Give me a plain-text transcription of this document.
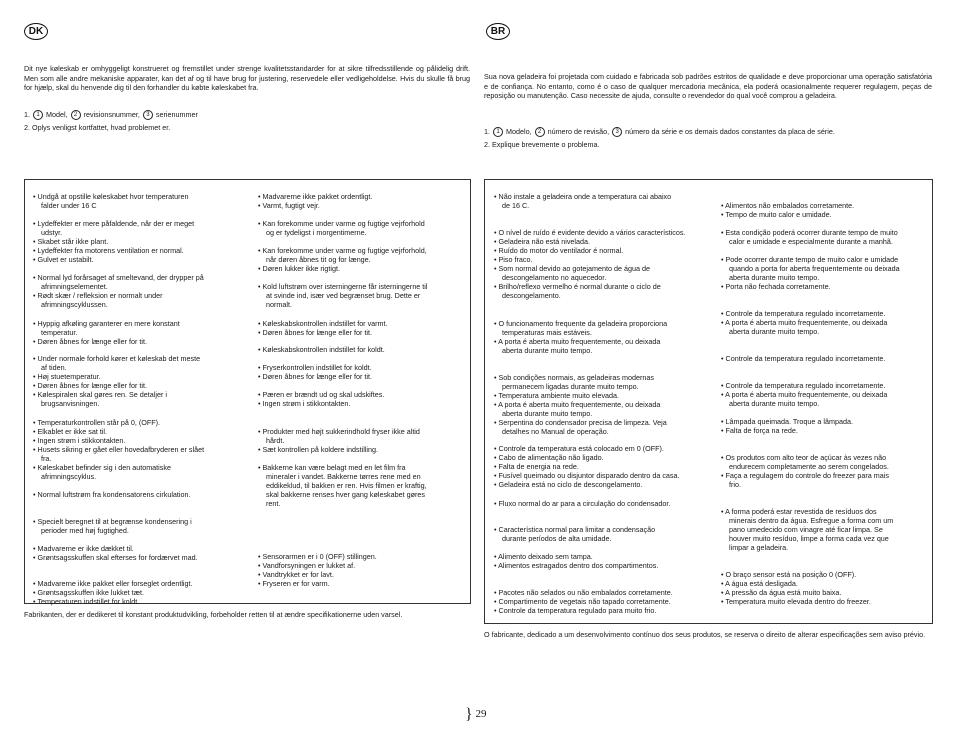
DK

Dit nye køleskab er omhyggeligt konstrueret og fremstillet under strenge kvalitetsstandarder for at sikre tilfredsstillende og pålidelig drift. Men som alle andre mekaniske apparater, kan det af og til have brug for justering, reservedele eller vedligeholdelse. Hvis du skulle få brug for hjælp, skal du henvende dig til den forhandler du købte køleskabet fra.

1. 1 Model, 2 revisionsnummer, 3 serienummer
2. Oplys venligst kortfattet, hvad problemet er.
• Undgå at opstille køleskabet hvor temperaturen
falder under 16 C
• Lydeffekter er mere påfaldende, når der er meget
udstyr.
• Skabet står ikke plant.
• Lydeffekter fra motorens ventilation er normal.
• Gulvet er ustabilt.
• Normal lyd forårsaget af smeltevand, der drypper på
afrimningselementet.
• Rødt skær / refleksion er normalt under
afrimningscyklussen.
• Hyppig afkøling garanterer en mere konstant
temperatur.
• Døren åbnes for længe eller for tit.
• Under normale forhold kører et køleskab det meste
af tiden.
• Høj stuetemperatur.
• Døren åbnes for længe eller for tit.
• Kølespiralen skal gøres ren. Se detaljer i
brugsanvisningen.
• Temperaturkontrollen står på 0, (OFF).
• Elkablet er ikke sat til.
• Ingen strøm i stikkontakten.
• Husets sikring er gået eller hovedafbryderen er slået
fra.
• Køleskabet befinder sig i den automatiske
afrimningscyklus.
• Normal luftstrøm fra kondensatorens cirkulation.
• Specielt beregnet til at begrænse kondensering i
perioder med høj fugtighed.
• Madvarerne er ikke dækket til.
• Grøntsagsskuffen skal efterses for fordærvet mad.
• Madvarerne ikke pakket eller forseglet ordentligt.
• Grøntsagsskuffen ikke lukket tæt.
• Temperaturen indstillet for koldt.
• Madvarerne ikke pakket ordentligt.
• Varmt, fugtigt vejr.
• Kan forekomme under varme og fugtige vejrforhold
og er tydeligst i morgentimerne.
• Kan forekomme under varme og fugtige vejrforhold,
når døren åbnes tit og for længe.
• Døren lukker ikke rigtigt.
• Kold luftstrøm over isterningerne får isterningerne til
at svinde ind, især ved begrænset brug. Dette er
normalt.
• Køleskabskontrollen indstillet for varmt.
• Døren åbnes for længe eller for tit.
• Køleskabskontrollen indstillet for koldt.
• Fryserkontrollen indstillet for koldt.
• Døren åbnes for længe eller for tit.
• Pæren er brændt ud og skal udskiftes.
• Ingen strøm i stikkontakten.
• Produkter med højt sukkerindhold fryser ikke altid
hårdt.
• Sæt kontrollen på koldere indstilling.
• Bakkerne kan være belagt med en let film fra
mineraler i vandet. Bakkerne tørres rene med en
eddikeklud, til bakken er ren. Hvis filmen er kraftig,
skal bakkerne renses hver gang køleskabet gøres
rent.
• Sensorarmen er i 0 (OFF) stillingen.
• Vandforsyningen er lukket af.
• Vandtrykket er for lavt.
• Fryseren er for varm.

Fabrikanten, der er dedikeret til konstant produktudvikling, forbeholder retten til at ændre specifikationerne uden varsel.

BR

Sua nova geladeira foi projetada com cuidado e fabricada sob padrões estritos de qualidade e deve proporcionar uma operação satisfatória e de confiança. No entanto, como é o caso de qualquer mercadoria mecânica, ela poderá ocasionalmente requerer regulagem, peças de reposição ou manutenção. Caso necessite de ajuda, consulte o revendedor do qual você comprou a geladeira.

1. 1 Modelo, 2 número de revisão, 3 número da série e os demais dados constantes da placa de série.
2. Explique brevemente o problema.
• Não instale a geladeira onde a temperatura cai abaixo
de 16 C.
• O nível de ruído é evidente devido a vários característicos.
• Geladeira não está nivelada.
• Ruído do motor do ventilador é normal.
• Piso fraco.
• Som normal devido ao gotejamento de água de
descongelamento no aquecedor.
• Brilho/reflexo vermelho é normal durante o ciclo de
descongelamento.
• O funcionamento frequente da geladeira proporciona
temperaturas mais estáveis.
• A porta é aberta muito frequentemente, ou deixada
aberta durante muito tempo.
• Sob condições normais, as geladeiras modernas
permanecem ligadas durante muito tempo.
• Temperatura ambiente muito elevada.
• A porta é aberta muito frequentemente, ou deixada
aberta durante muito tempo.
• Serpentina do condensador precisa de limpeza. Veja
detalhes no Manual de operação.
• Controle da temperatura está colocado em 0 (OFF).
• Cabo de alimentação não ligado.
• Falta de energia na rede.
• Fusível queimado ou disjuntor disparado dentro da casa.
• Geladeira está no ciclo de descongelamento.
• Fluxo normal do ar para a circulação do condensador.
• Característica normal para limitar a condensação
durante períodos de alta umidade.
• Alimento deixado sem tampa.
• Alimentos estragados dentro dos compartimentos.
• Pacotes não selados ou não embalados corretamente.
• Compartimento de vegetais não tapado corretamente.
• Controle da temperatura regulado para muito frio.
• Alimentos não embalados corretamente.
• Tempo de muito calor e umidade.
• Esta condição poderá ocorrer durante tempo de muito
calor e umidade e especialmente durante a manhã.
• Pode ocorrer durante tempo de muito calor e umidade
quando a porta for aberta frequentemente ou deixada
aberta durante muito tempo.
• Porta não fechada corretamente.
• Controle da temperatura regulado incorretamente.
• A porta é aberta muito frequentemente, ou deixada
aberta durante muito tempo.
• Controle da temperatura regulado incorretamente.
• Controle da temperatura regulado incorretamente.
• A porta é aberta muito frequentemente, ou deixada
aberta durante muito tempo.
• Lâmpada queimada. Troque a lâmpada.
• Falta de força na rede.
• Os produtos com alto teor de açúcar às vezes não
endurecem completamente ao serem congelados.
• Faça a regulagem do controle do freezer para mais
frio.
• A forma poderá estar revestida de resíduos dos
minerais dentro da água. Esfregue a forma com um
pano umedecido com vinagre até ficar limpa. Se
houver muito resíduo, limpe a forma cada vez que
limpar a geladeira.
• O braço sensor está na posição 0 (OFF).
• A água está desligada.
• A pressão da água está muito baixa.
• Temperatura muito elevada dentro do freezer.

O fabricante, dedicado a um desenvolvimento contínuo dos seus produtos, se reserva o direito de alterar especificações sem aviso prévio.

} 29
